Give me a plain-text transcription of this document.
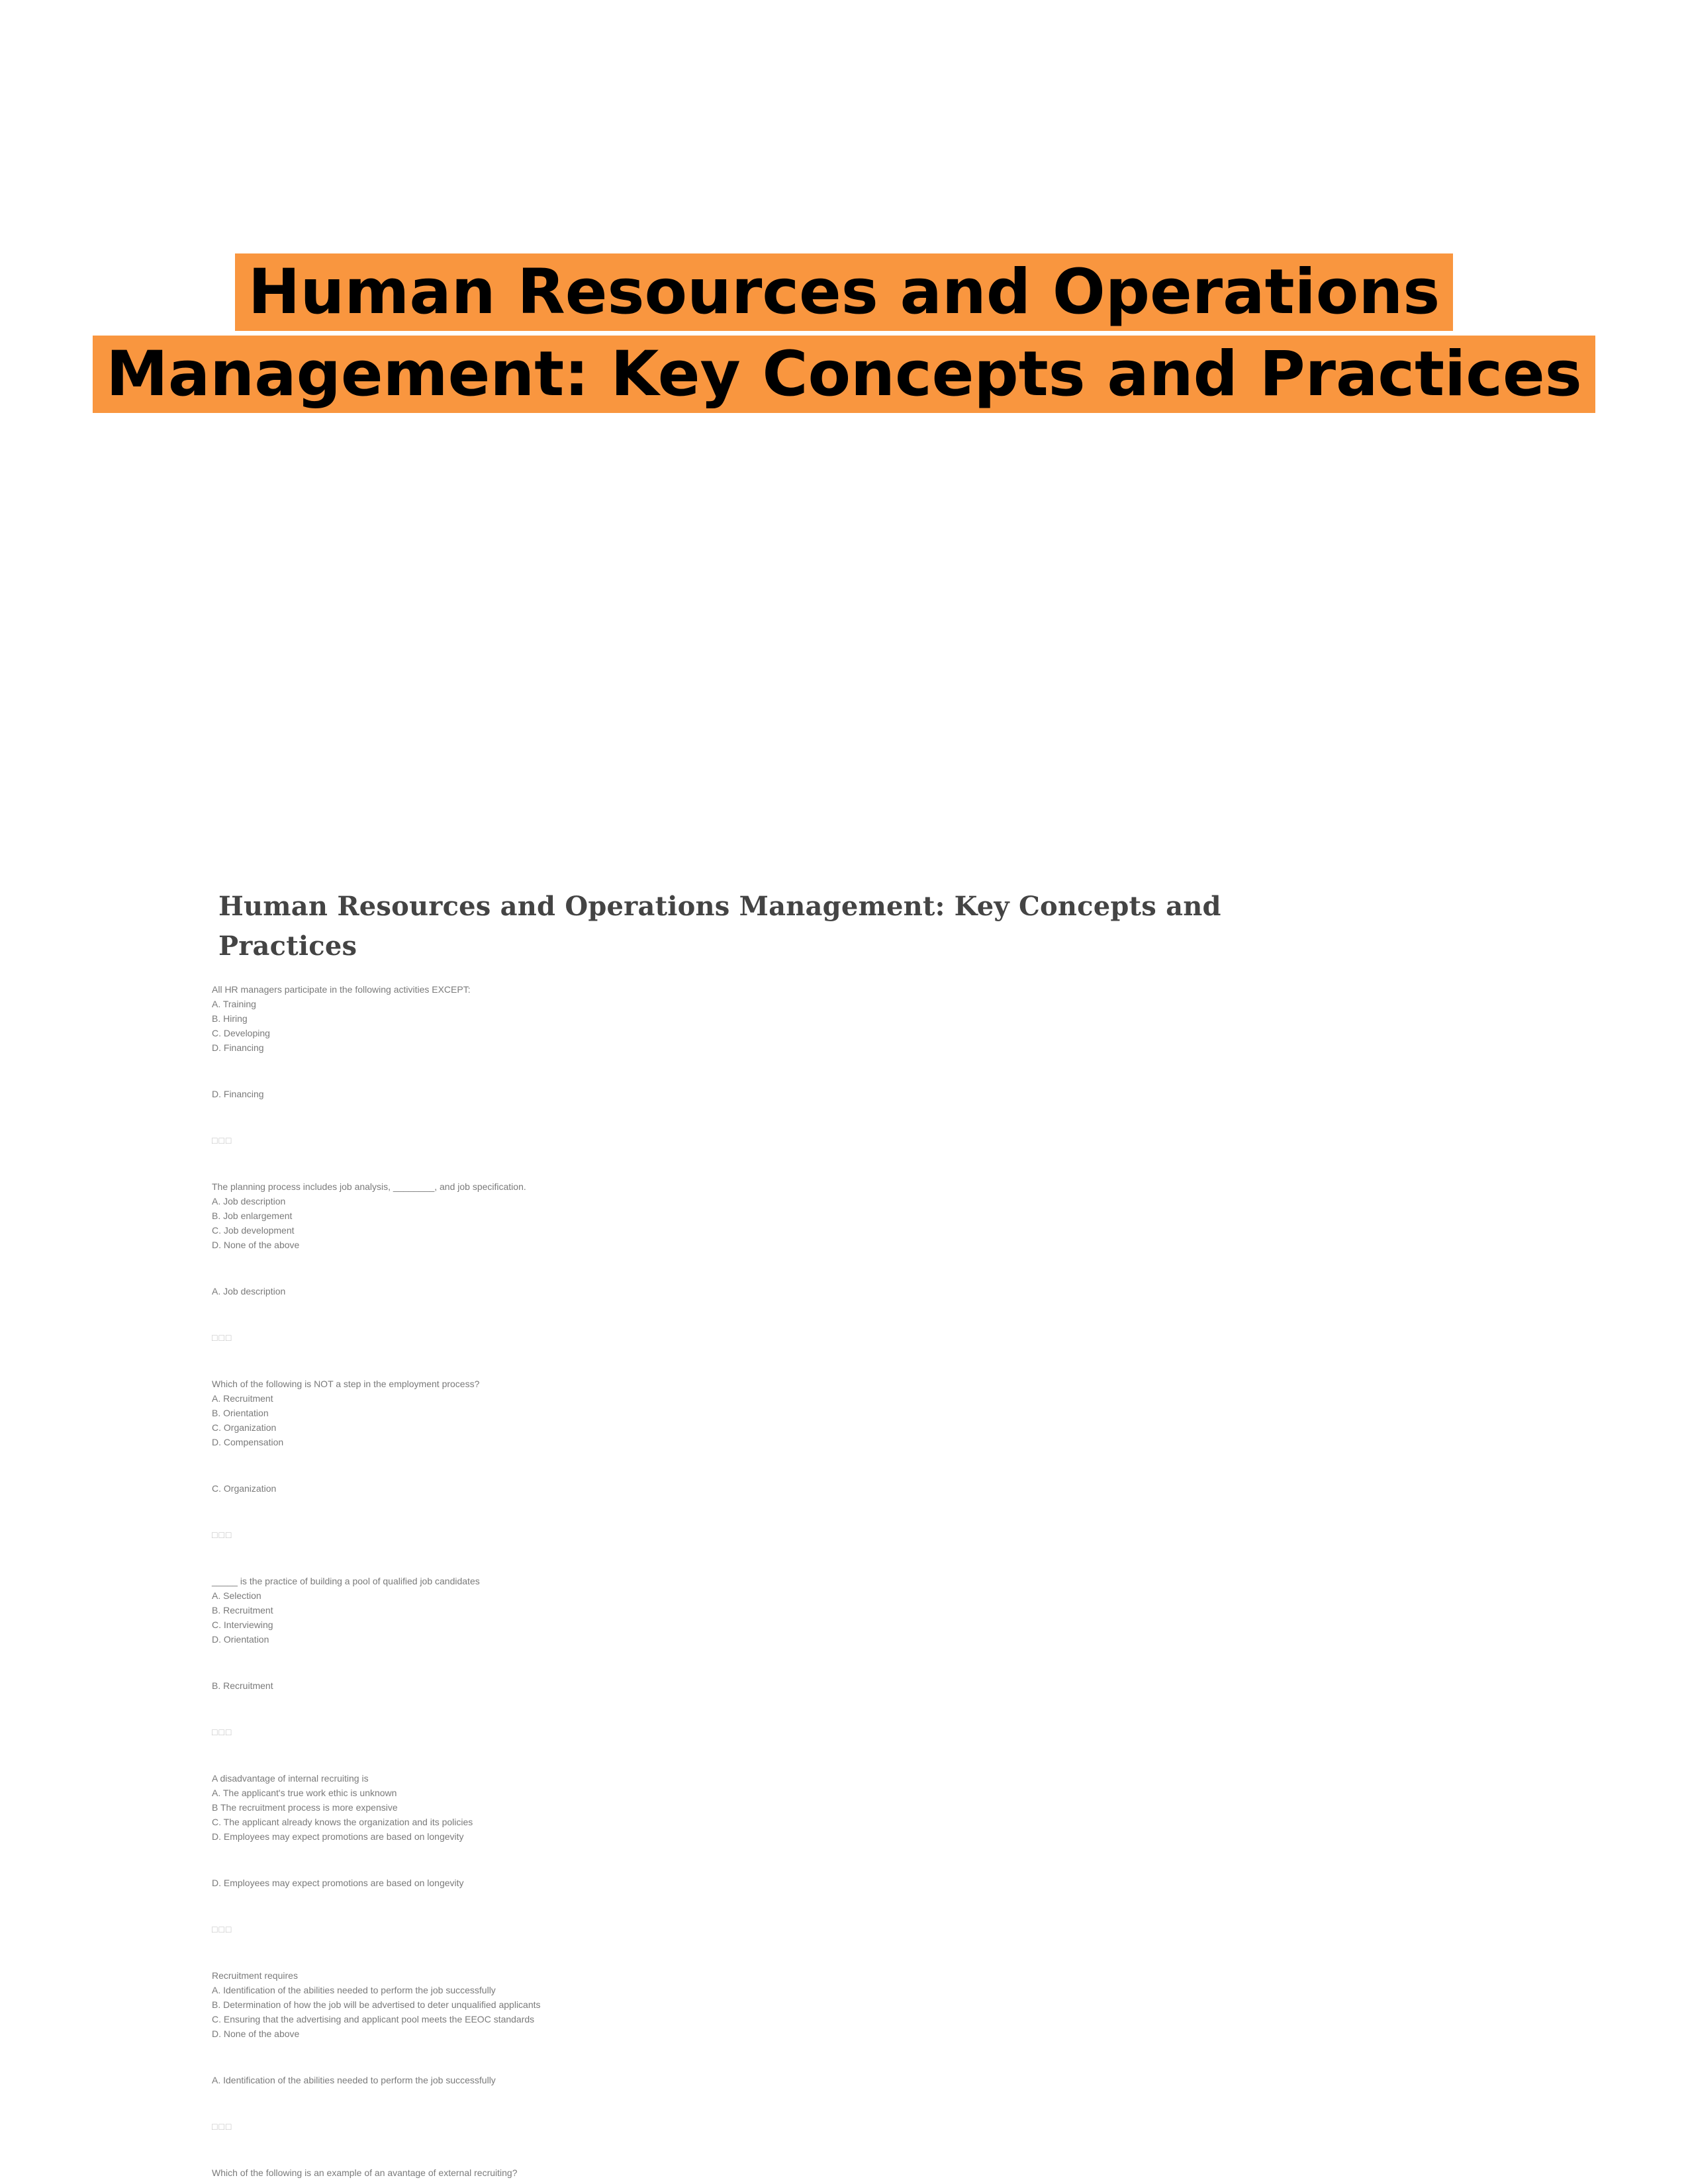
Human Resources and Operations
Management: Key Concepts and Practices
Human Resources and Operations Management: Key Concepts and Practices
All HR managers participate in the following activities EXCEPT:
A. Training
B. Hiring
C. Developing
D. Financing
D. Financing
□□□
The planning process includes job analysis, ________, and job specification.
A. Job description
B. Job enlargement
C. Job development
D. None of the above
A. Job description
□□□
Which of the following is NOT a step in the employment process?
A. Recruitment
B. Orientation
C. Organization
D. Compensation
C. Organization
□□□
_____ is the practice of building a pool of qualified job candidates
A. Selection
B. Recruitment
C. Interviewing
D. Orientation
B. Recruitment
□□□
A disadvantage of internal recruiting is
A. The applicant's true work ethic is unknown
B The recruitment process is more expensive
C. The applicant already knows the organization and its policies
D. Employees may expect promotions are based on longevity
D. Employees may expect promotions are based on longevity
□□□
Recruitment requires
A. Identification of the abilities needed to perform the job successfully
B. Determination of how the job will be advertised to deter unqualified applicants
C. Ensuring that the advertising and applicant pool meets the EEOC standards
D. None of the above
A. Identification of the abilities needed to perform the job successfully
□□□
Which of the following is an example of an avantage of external recruiting?
